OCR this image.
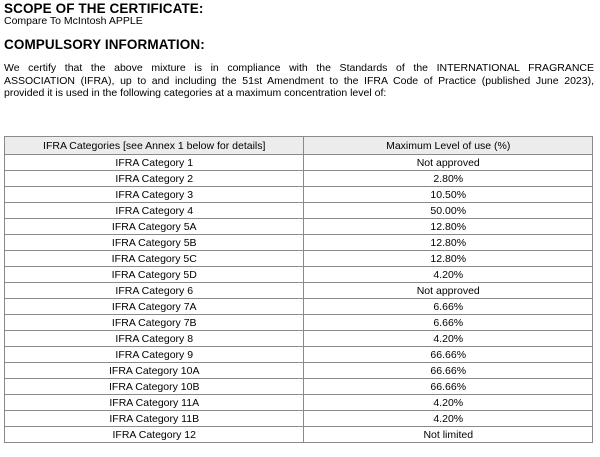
SCOPE OF THE CERTIFICATE:
Compare To McIntosh APPLE
COMPULSORY INFORMATION:
We certify that the above mixture is in compliance with the Standards of the INTERNATIONAL FRAGRANCE
ASSOCIATION (IFRA), up to and including the 51st Amendment to the IFRA Code of Practice (published June 2023),
provided it is used in the following categories at a maximum concentration level of:
IFRA Categories [see Annex 1 below for details]	Maximum Level of use (%)
IFRA Category 1	Not approved
IFRA Category 2	2.80%
IFRA Category 3	10.50%
IFRA Category 4	50.00%
IFRA Category 5A	12.80%
IFRA Category 5B	12.80%
IFRA Category 5C	12.80%
IFRA Category 5D	4.20%
IFRA Category 6	Not approved
IFRA Category 7A	6.66%
IFRA Category 7B	6.66%
IFRA Category 8	4.20%
IFRA Category 9	66.66%
IFRA Category 10A	66.66%
IFRA Category 10B	66.66%
IFRA Category 11A	4.20%
IFRA Category 11B	4.20%
IFRA Category 12	Not limited
